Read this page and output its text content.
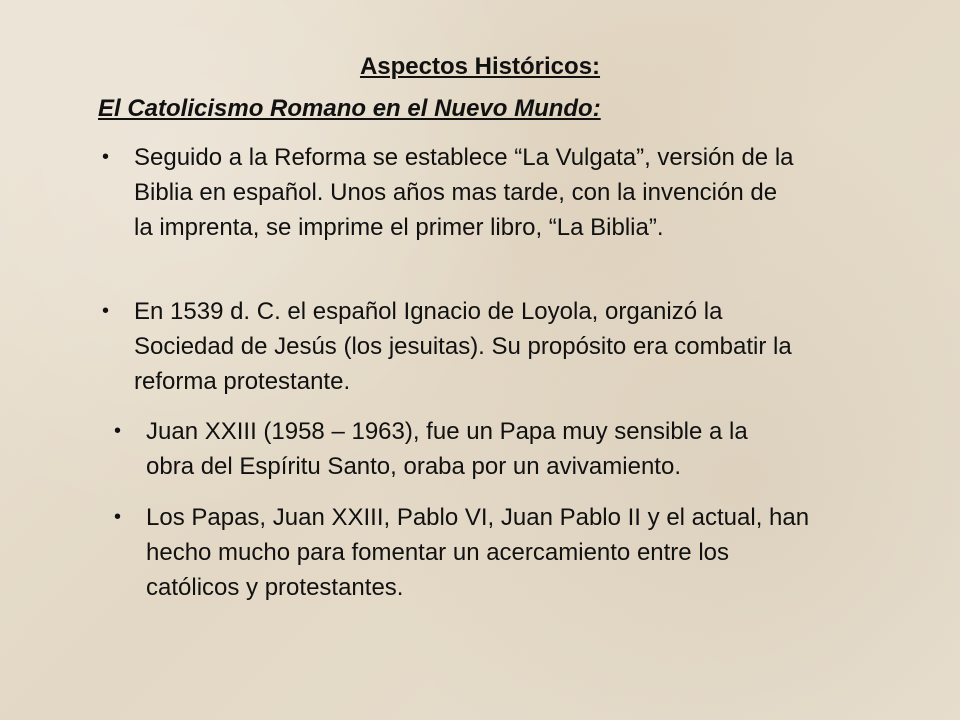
Aspectos Históricos:
El Catolicismo Romano en el Nuevo Mundo:
• Seguido a la Reforma se establece “La Vulgata”, versión de la
Biblia en español. Unos años mas tarde, con la invención de
la imprenta, se imprime el primer libro, “La Biblia”.
• En 1539 d. C. el español Ignacio de Loyola, organizó la
Sociedad de Jesús (los jesuitas). Su propósito era combatir la
reforma protestante.
• Juan XXIII (1958 – 1963), fue un Papa muy sensible a la
obra del Espíritu Santo, oraba por un avivamiento.
• Los Papas, Juan XXIII, Pablo VI, Juan Pablo II y el actual, han
hecho mucho para fomentar un acercamiento entre los
católicos y protestantes.
